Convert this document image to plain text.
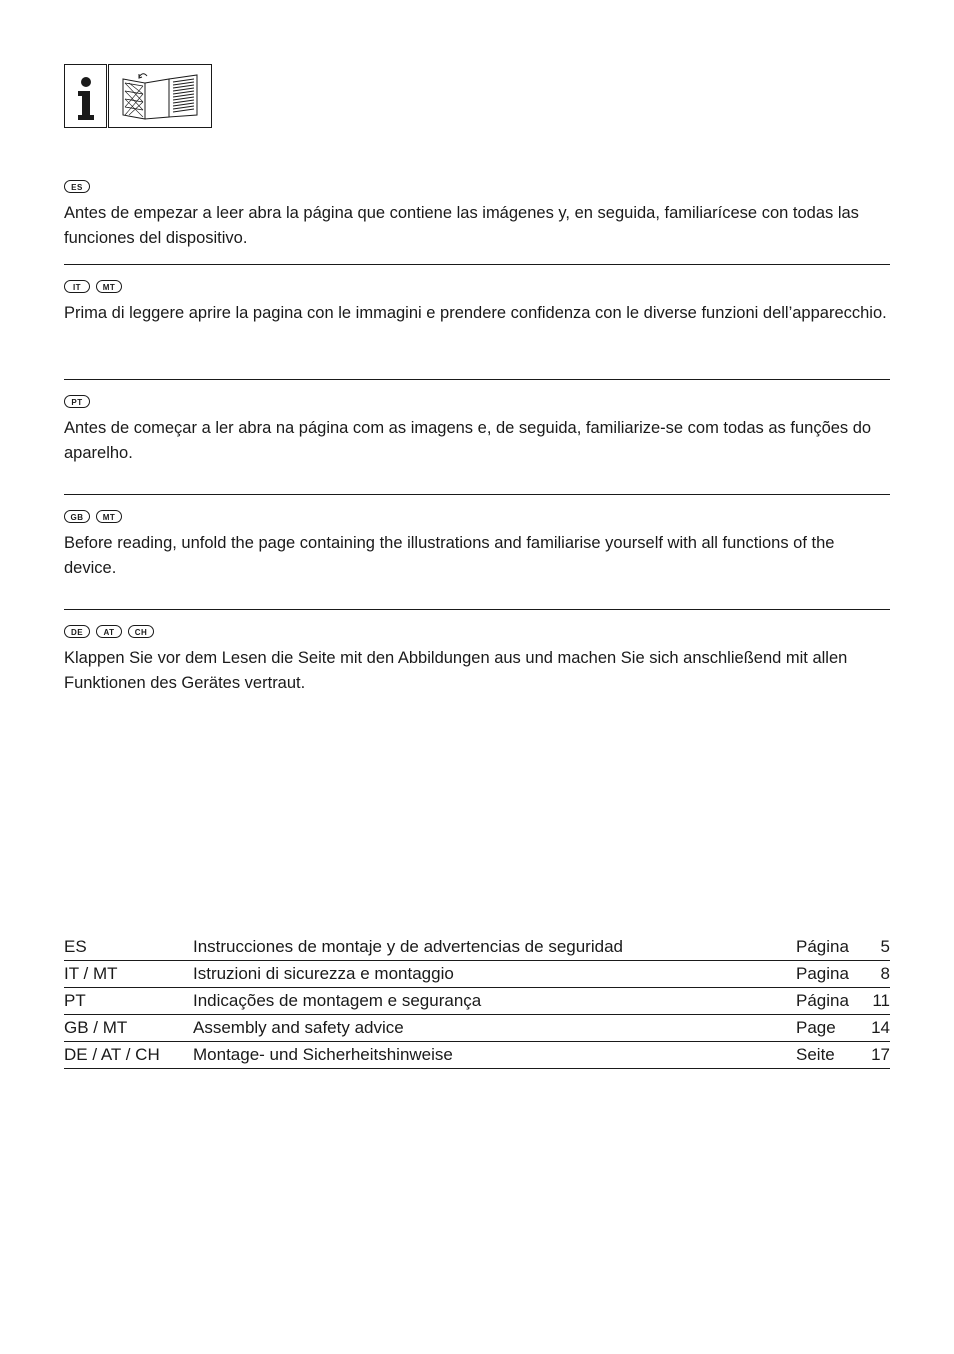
ES

Antes de empezar a leer abra la página que contiene las imágenes y, en seguida, familiarícese con todas las funciones del dispositivo.

IT	MT

Prima di leggere aprire la pagina con le immagini e prendere confidenza con le diverse funzioni dell’apparecchio.

PT

Antes de começar a ler abra na página com as imagens e, de seguida, familiarize-se com todas as funções do aparelho.

GB	MT

Before reading, unfold the page containing the illustrations and familiarise yourself with all functions of the device.

DE	AT	CH

Klappen Sie vor dem Lesen die Seite mit den Abbildungen aus und machen Sie sich anschließend mit allen Funktionen des Gerätes vertraut.

ES	Instrucciones de montaje y de advertencias de seguridad	Página	5
IT / MT	Istruzioni di sicurezza e montaggio	Pagina	8
PT	Indicações de montagem e segurança	Página	11
GB / MT	Assembly and safety advice	Page	14
DE / AT / CH	Montage- und Sicherheitshinweise	Seite	17
